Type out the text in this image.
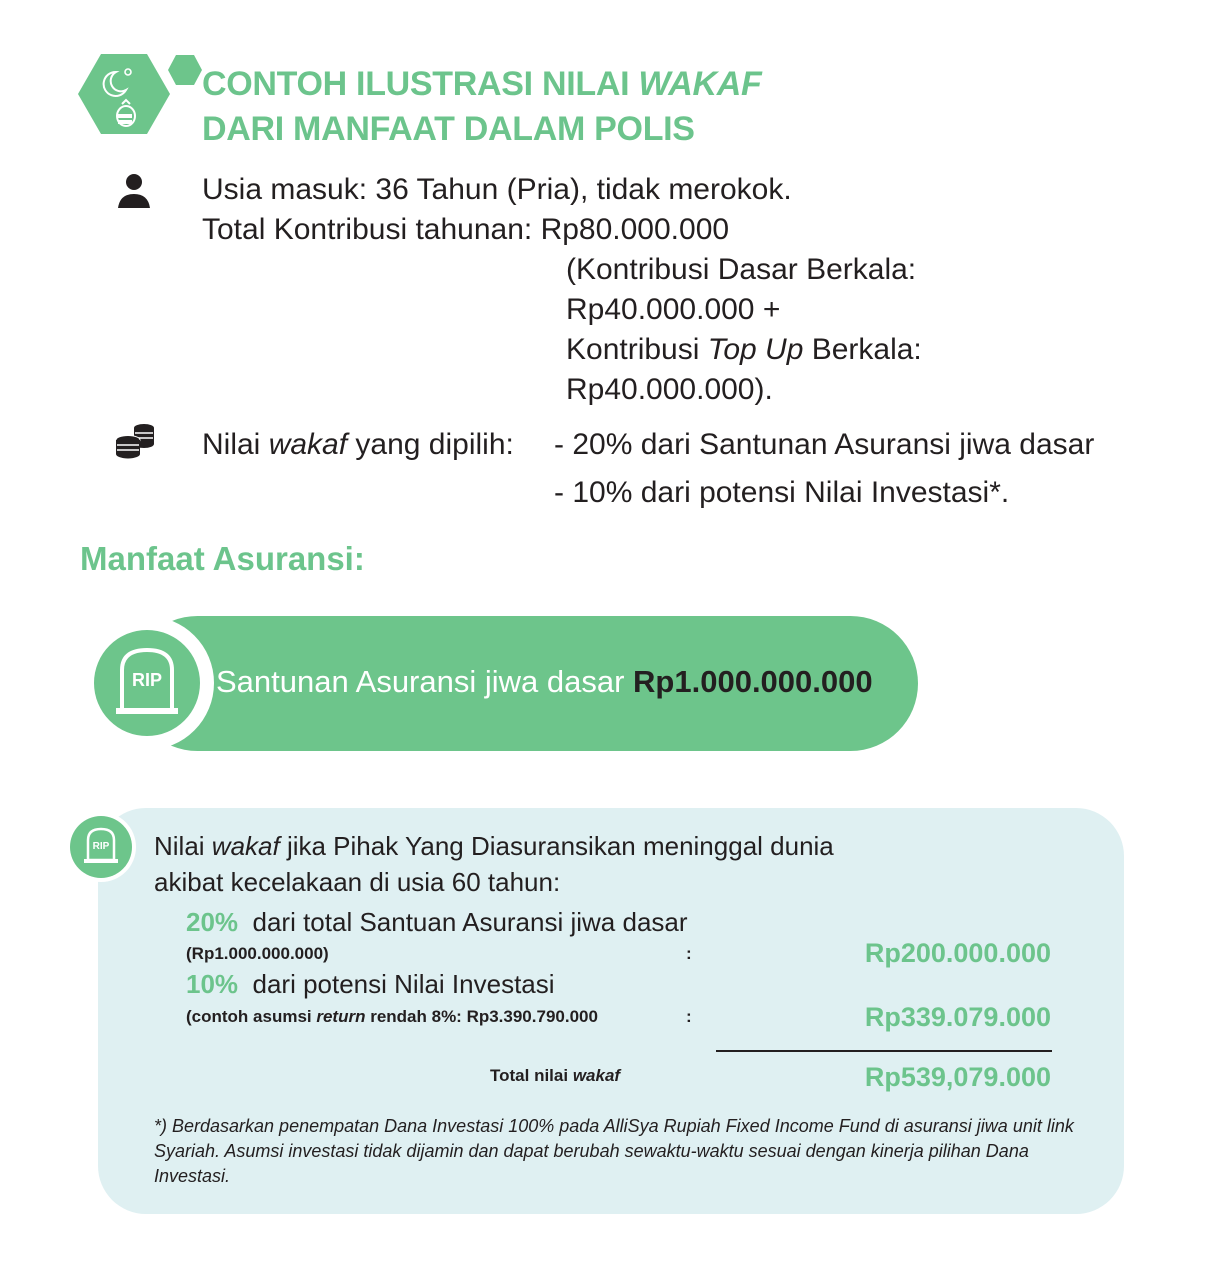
CONTOH ILUSTRASI NILAI WAKAF
DARI MANFAAT DALAM POLIS
Usia masuk: 36 Tahun (Pria), tidak merokok.
Total Kontribusi tahunan: Rp80.000.000
(Kontribusi Dasar Berkala:
Rp40.000.000 +
Kontribusi Top Up Berkala:
Rp40.000.000).
Nilai wakaf yang dipilih: - 20% dari Santunan Asuransi jiwa dasar
- 10% dari potensi Nilai Investasi*.
Manfaat Asuransi:
RIP Santunan Asuransi jiwa dasar Rp1.000.000.000
RIP Nilai wakaf jika Pihak Yang Diasuransikan meninggal dunia
akibat kecelakaan di usia 60 tahun:
20% dari total Santuan Asuransi jiwa dasar
(Rp1.000.000.000)	:	Rp200.000.000
10% dari potensi Nilai Investasi
(contoh asumsi return rendah 8%: Rp3.390.790.000	:	Rp339.079.000
Total nilai wakaf	Rp539,079.000
*) Berdasarkan penempatan Dana Investasi 100% pada AlliSya Rupiah Fixed Income Fund di asuransi jiwa unit link Syariah. Asumsi investasi tidak dijamin dan dapat berubah sewaktu-waktu sesuai dengan kinerja pilihan Dana Investasi.
